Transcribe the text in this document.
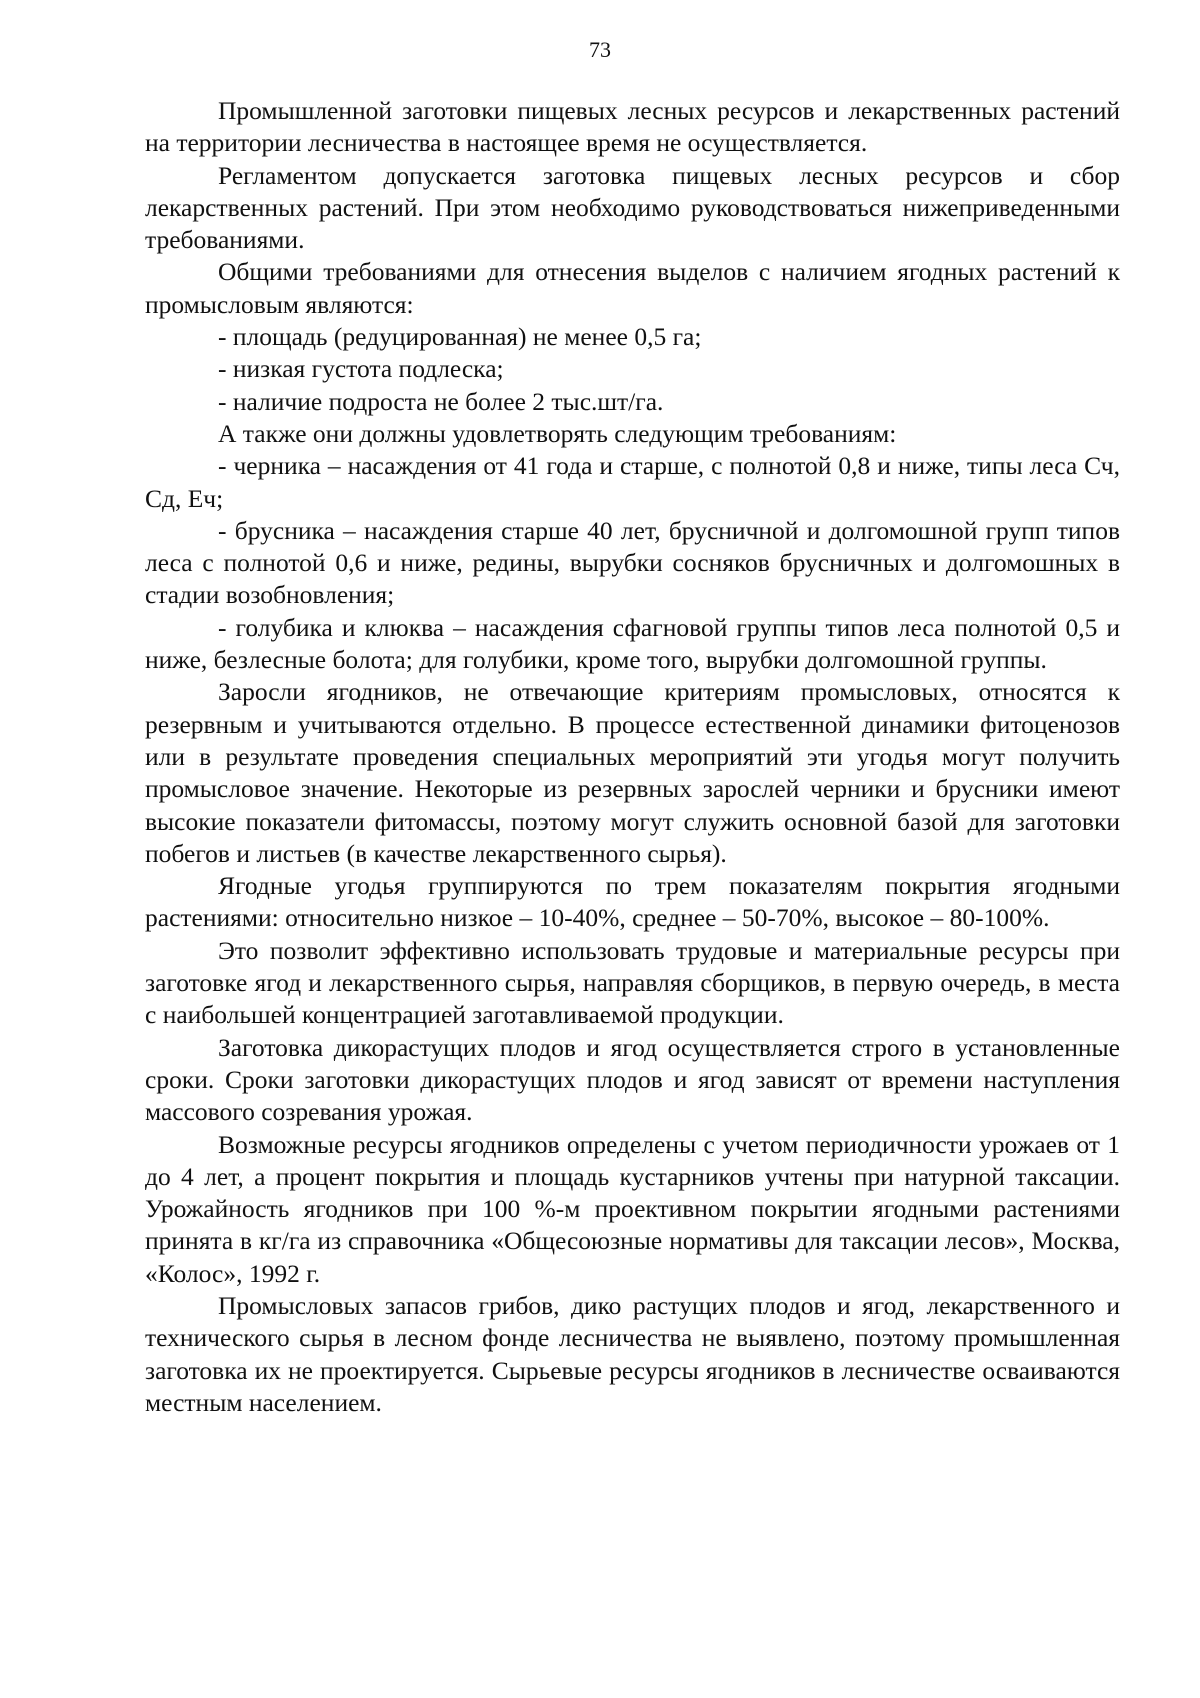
73

Промышленной заготовки пищевых лесных ресурсов и лекарственных растений на территории лесничества в настоящее время не осуществляется.

Регламентом допускается заготовка пищевых лесных ресурсов и сбор лекарственных растений. При этом необходимо руководствоваться нижеприведенными требованиями.

Общими требованиями для отнесения выделов с наличием ягодных растений к промысловым являются:

- площадь (редуцированная) не менее 0,5 га;

- низкая густота подлеска;

- наличие подроста не более 2 тыс.шт/га.

А также они должны удовлетворять следующим требованиям:

- черника – насаждения от 41 года и старше, с полнотой 0,8 и ниже, типы леса Сч, Сд, Еч;

- брусника – насаждения старше 40 лет, брусничной и долгомошной групп типов леса с полнотой 0,6 и ниже, редины, вырубки сосняков брусничных и долгомошных в стадии возобновления;

- голубика и клюква – насаждения сфагновой группы типов леса полнотой 0,5 и ниже, безлесные болота; для голубики, кроме того, вырубки долгомошной группы.

Заросли ягодников, не отвечающие критериям промысловых, относятся к резервным и учитываются отдельно. В процессе естественной динамики фитоценозов или в результате проведения специальных мероприятий эти угодья могут получить промысловое значение. Некоторые из резервных зарослей черники и брусники имеют высокие показатели фитомассы, поэтому могут служить основной базой для заготовки побегов и листьев (в качестве лекарственного сырья).

Ягодные угодья группируются по трем показателям покрытия ягодными растениями: относительно низкое – 10-40%, среднее – 50-70%, высокое – 80-100%.

Это позволит эффективно использовать трудовые и материальные ресурсы при заготовке ягод и лекарственного сырья, направляя сборщиков, в первую очередь, в места с наибольшей концентрацией заготавливаемой продукции.

Заготовка дикорастущих плодов и ягод осуществляется строго в установленные сроки. Сроки заготовки дикорастущих плодов и ягод зависят от времени наступления массового созревания урожая.

Возможные ресурсы ягодников определены с учетом периодичности урожаев от 1 до 4 лет, а процент покрытия и площадь кустарников учтены при натурной таксации. Урожайность ягодников при 100 %-м проективном покрытии ягодными растениями принята в кг/га из справочника «Общесоюзные нормативы для таксации лесов», Москва, «Колос», 1992 г.

Промысловых запасов грибов, дико растущих плодов и ягод, лекарственного и технического сырья в лесном фонде лесничества не выявлено, поэтому промышленная заготовка их не проектируется. Сырьевые ресурсы ягодников в лесничестве осваиваются местным населением.
